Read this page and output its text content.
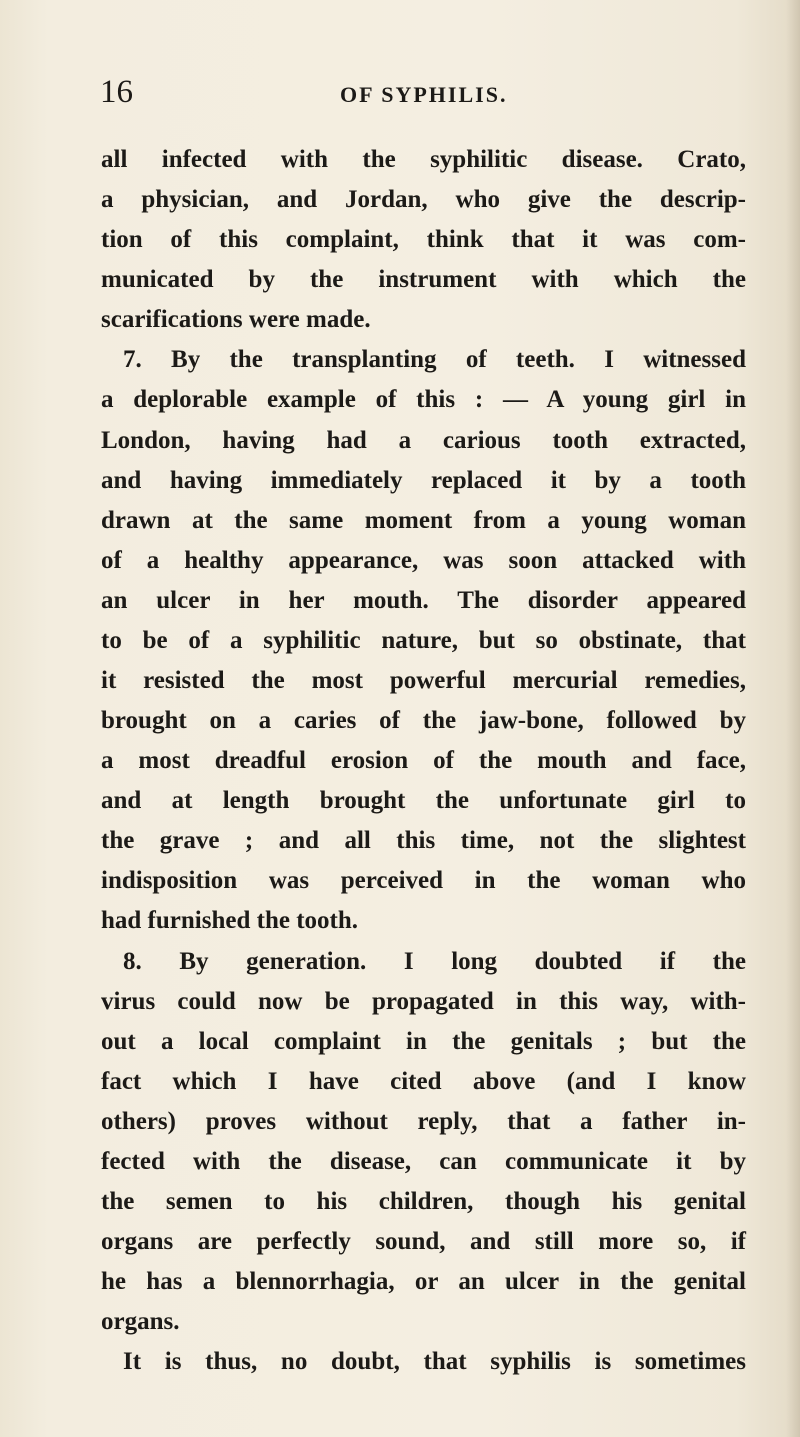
16	OF SYPHILIS.
all infected with the syphilitic disease. Crato,
a physician, and Jordan, who give the descrip-
tion of this complaint, think that it was com-
municated by the instrument with which the
scarifications were made.
7. By the transplanting of teeth. I witnessed
a deplorable example of this : — A young girl in
London, having had a carious tooth extracted,
and having immediately replaced it by a tooth
drawn at the same moment from a young woman
of a healthy appearance, was soon attacked with
an ulcer in her mouth. The disorder appeared
to be of a syphilitic nature, but so obstinate, that
it resisted the most powerful mercurial remedies,
brought on a caries of the jaw-bone, followed by
a most dreadful erosion of the mouth and face,
and at length brought the unfortunate girl to
the grave ; and all this time, not the slightest
indisposition was perceived in the woman who
had furnished the tooth.
8. By generation. I long doubted if the
virus could now be propagated in this way, with-
out a local complaint in the genitals ; but the
fact which I have cited above (and I know
others) proves without reply, that a father in-
fected with the disease, can communicate it by
the semen to his children, though his genital
organs are perfectly sound, and still more so, if
he has a blennorrhagia, or an ulcer in the genital
organs.
It is thus, no doubt, that syphilis is sometimes
